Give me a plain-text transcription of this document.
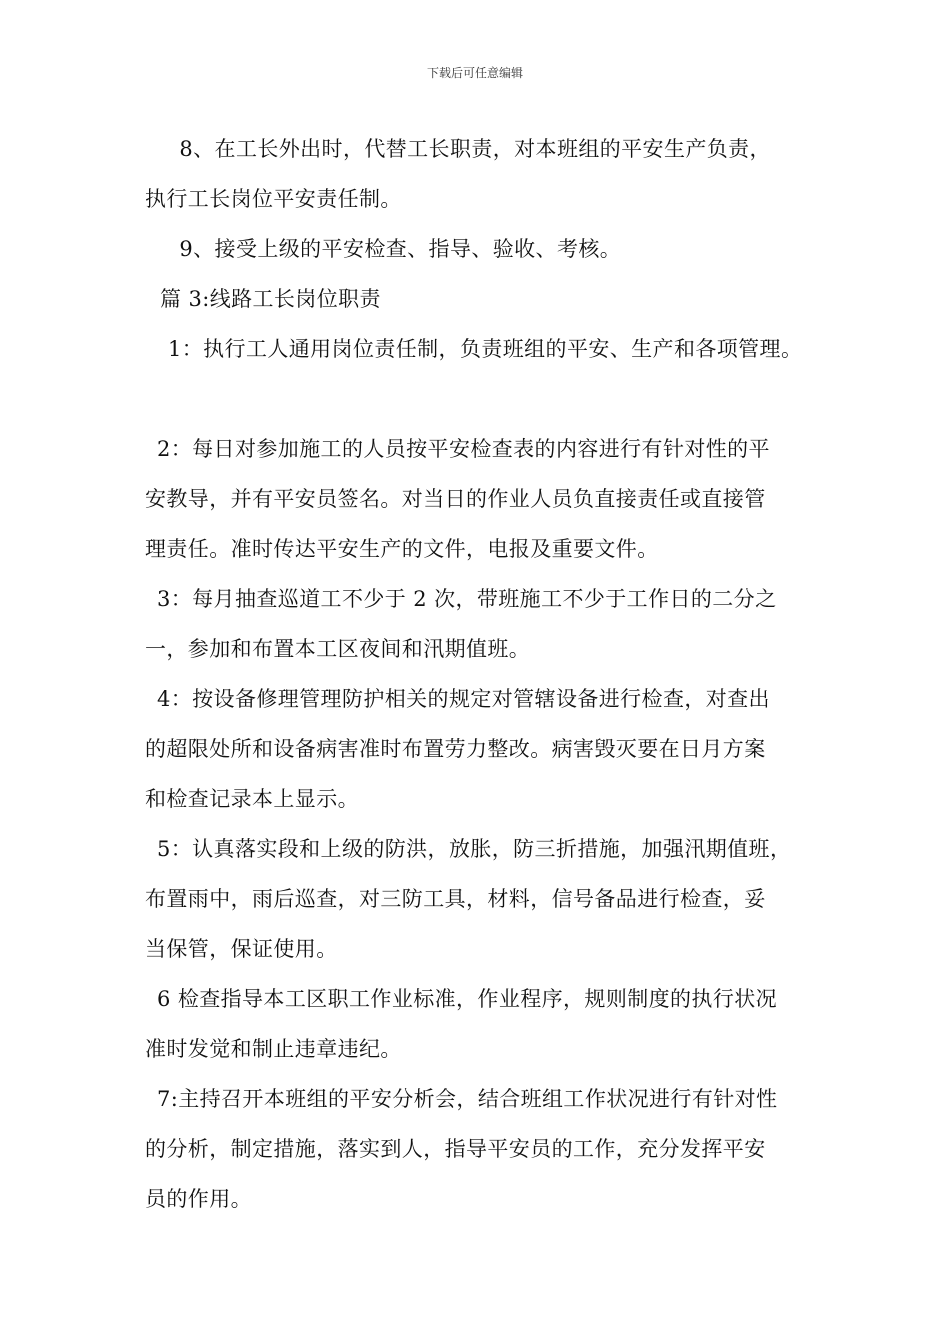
下载后可任意编辑
　8、在工长外出时，代替工长职责，对本班组的平安生产负责，
执行工长岗位平安责任制。
　9、接受上级的平安检查、指导、验收、考核。
篇 3:线路工长岗位职责
1：执行工人通用岗位责任制，负责班组的平安、生产和各项管理。
2：每日对参加施工的人员按平安检查表的内容进行有针对性的平
安教导，并有平安员签名。对当日的作业人员负直接责任或直接管
理责任。准时传达平安生产的文件，电报及重要文件。
3：每月抽查巡道工不少于 2 次，带班施工不少于工作日的二分之
一，参加和布置本工区夜间和汛期值班。
4：按设备修理管理防护相关的规定对管辖设备进行检查，对查出
的超限处所和设备病害准时布置劳力整改。病害毁灭要在日月方案
和检查记录本上显示。
5：认真落实段和上级的防洪，放胀，防三折措施，加强汛期值班，
布置雨中，雨后巡查，对三防工具，材料，信号备品进行检查，妥
当保管，保证使用。
6 检查指导本工区职工作业标准，作业程序，规则制度的执行状况
准时发觉和制止违章违纪。
7:主持召开本班组的平安分析会，结合班组工作状况进行有针对性
的分析，制定措施，落实到人，指导平安员的工作，充分发挥平安
员的作用。
